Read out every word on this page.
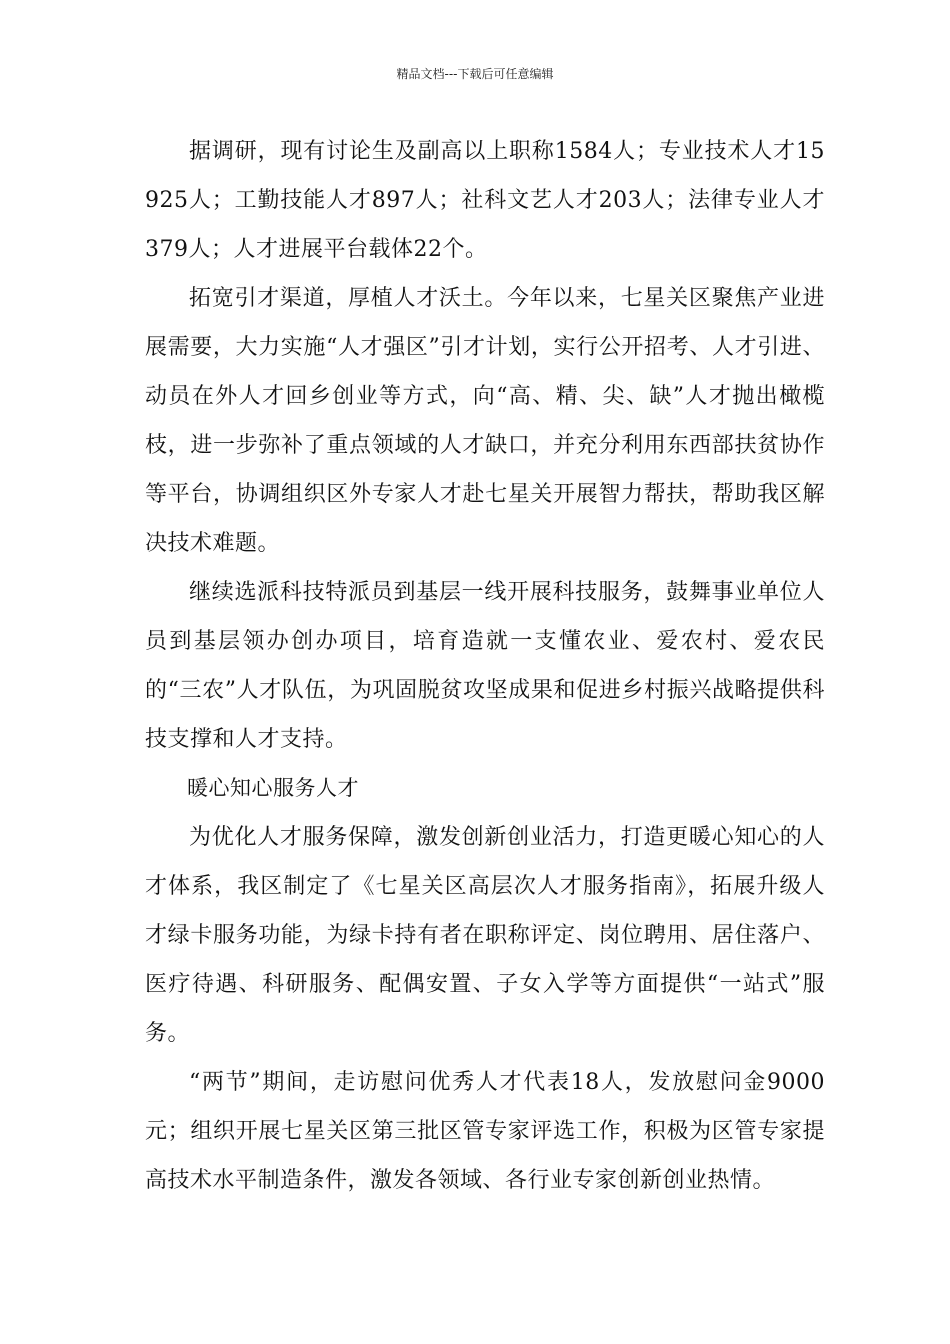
精品文档---下载后可任意编辑

据调研，现有讨论生及副高以上职称1584人；专业技术人才15925人；工勤技能人才897人；社科文艺人才203人；法律专业人才379人；人才进展平台载体22个。

拓宽引才渠道，厚植人才沃土。今年以来，七星关区聚焦产业进展需要，大力实施“人才强区”引才计划，实行公开招考、人才引进、动员在外人才回乡创业等方式，向“高、精、尖、缺”人才抛出橄榄枝，进一步弥补了重点领域的人才缺口，并充分利用东西部扶贫协作等平台，协调组织区外专家人才赴七星关开展智力帮扶，帮助我区解决技术难题。

继续选派科技特派员到基层一线开展科技服务，鼓舞事业单位人员到基层领办创办项目，培育造就一支懂农业、爱农村、爱农民的“三农”人才队伍，为巩固脱贫攻坚成果和促进乡村振兴战略提供科技支撑和人才支持。

暖心知心服务人才

为优化人才服务保障，激发创新创业活力，打造更暖心知心的人才体系，我区制定了《七星关区高层次人才服务指南》，拓展升级人才绿卡服务功能，为绿卡持有者在职称评定、岗位聘用、居住落户、医疗待遇、科研服务、配偶安置、子女入学等方面提供“一站式”服务。

“两节”期间，走访慰问优秀人才代表18人，发放慰问金9000元；组织开展七星关区第三批区管专家评选工作，积极为区管专家提高技术水平制造条件，激发各领域、各行业专家创新创业热情。
